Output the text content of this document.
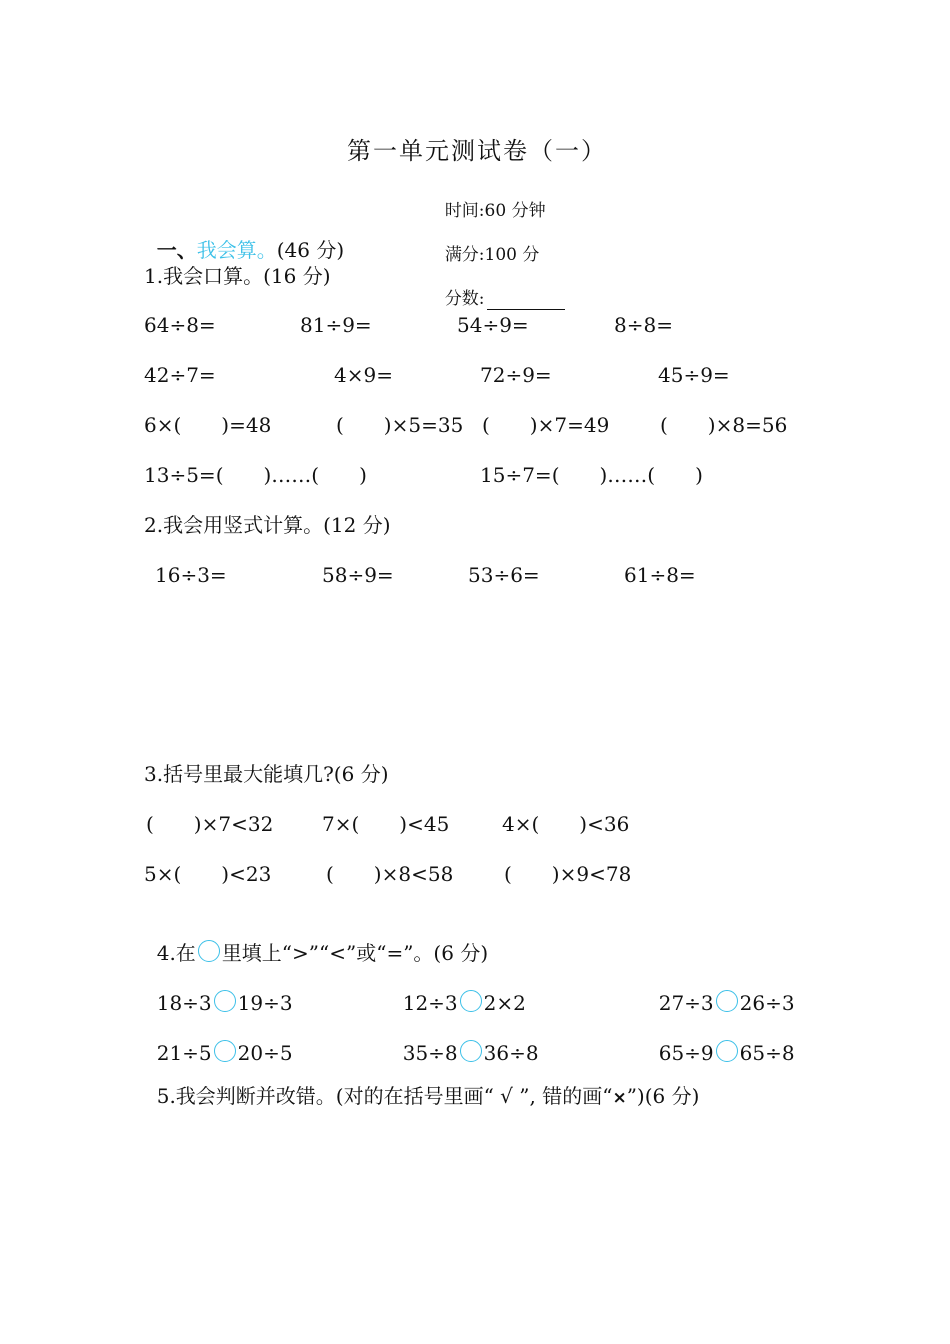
第一单元测试卷（一）

时间:60 分钟

满分:100 分

分数:

一、我会算。(46 分)

1.我会口算。(16 分)
64÷8=	81÷9=	54÷9=	8÷8=
42÷7=	4×9=	72÷9=	45÷9=
6×(　　)=48	(　　)×5=35 (　　)×7=49	(　　)×8=56
13÷5=(　　)……(　　)	15÷7=(　　)……(　　)
2.我会用竖式计算。(12 分)
16÷3=	58÷9=	53÷6=	61÷8=
3.括号里最大能填几?(6 分)
(　　)×7<32 7×(　　)<45	4×(　　)<36
5×(　　)<23	(　　)×8<58	(　　)×9<78

4.在 里填上“>”“<”或“=”。(6 分)

18÷3 19÷3	12÷3 2×2	27÷3 26÷3

21÷5 20÷5	35÷8 36÷8	65÷9 65÷8

5.我会判断并改错。(对的在括号里画“ √ ”, 错的画“×”)(6 分)
